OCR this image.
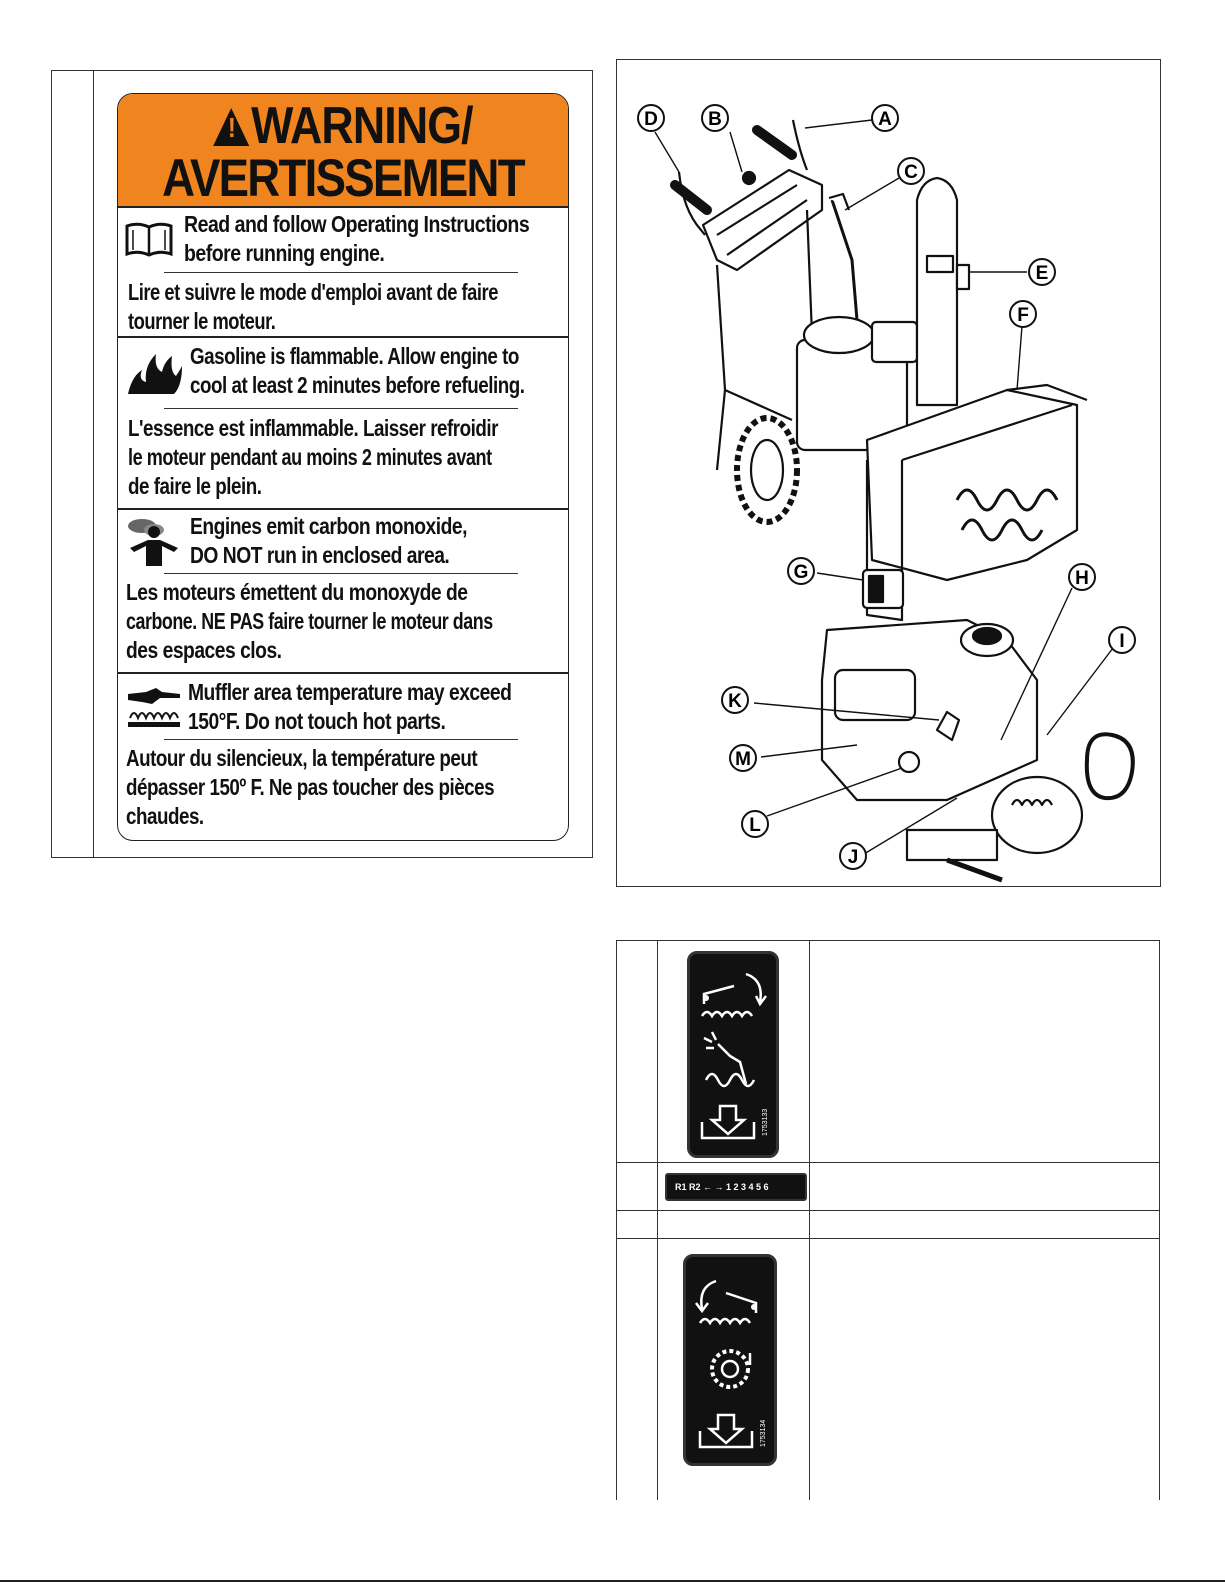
!WARNING/
AVERTISSEMENT
Read and follow Operating Instructions
before running engine.
Lire et suivre le mode d'emploi avant de faire
tourner le moteur.
Gasoline is flammable. Allow engine to
cool at least 2 minutes before refueling.
L'essence est inflammable. Laisser refroidir
le moteur pendant au moins 2 minutes avant
de faire le plein.
Engines emit carbon monoxide,
DO NOT run in enclosed area.
Les moteurs émettent du monoxyde de
carbone. NE PAS faire tourner le moteur dans
des espaces clos.
Muffler area temperature may exceed
150°F. Do not touch hot parts.
Autour du silencieux, la température peut
dépasser 150º F. Ne pas toucher des pièces
chaudes.
A
B
C
D
E
F
G	H
I
J
K
M
L
1753133
R1 R2 ← → 1 2 3 4 5 6
1753134
